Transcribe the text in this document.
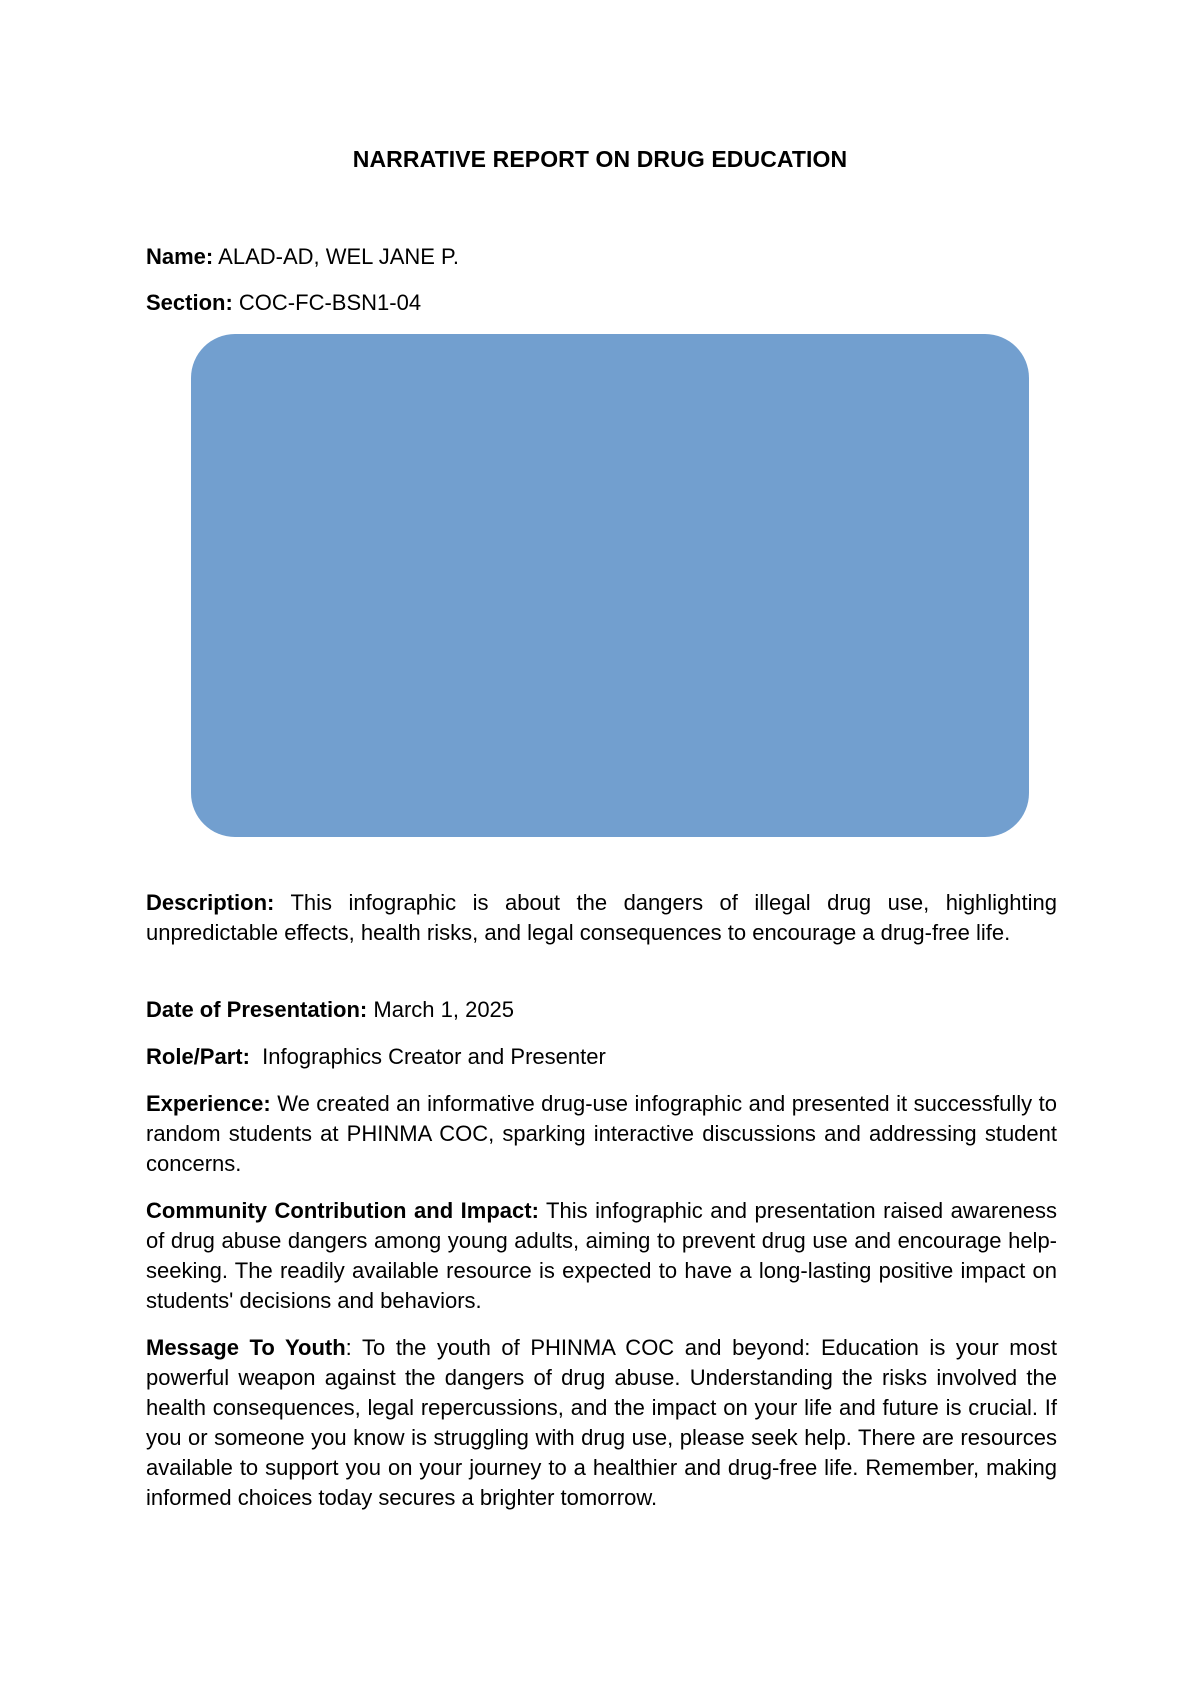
NARRATIVE REPORT ON DRUG EDUCATION
Name: ALAD-AD, WEL JANE P.
Section: COC-FC-BSN1-04
Description: This infographic is about the dangers of illegal drug use, highlighting unpredictable effects, health risks, and legal consequences to encourage a drug-free life.
Date of Presentation: March 1, 2025
Role/Part: Infographics Creator and Presenter
Experience: We created an informative drug-use infographic and presented it successfully to random students at PHINMA COC, sparking interactive discussions and addressing student concerns.
Community Contribution and Impact: This infographic and presentation raised awareness of drug abuse dangers among young adults, aiming to prevent drug use and encourage help-seeking. The readily available resource is expected to have a long-lasting positive impact on students' decisions and behaviors.
Message To Youth: To the youth of PHINMA COC and beyond: Education is your most powerful weapon against the dangers of drug abuse. Understanding the risks involved the health consequences, legal repercussions, and the impact on your life and future is crucial. If you or someone you know is struggling with drug use, please seek help. There are resources available to support you on your journey to a healthier and drug-free life. Remember, making informed choices today secures a brighter tomorrow.
